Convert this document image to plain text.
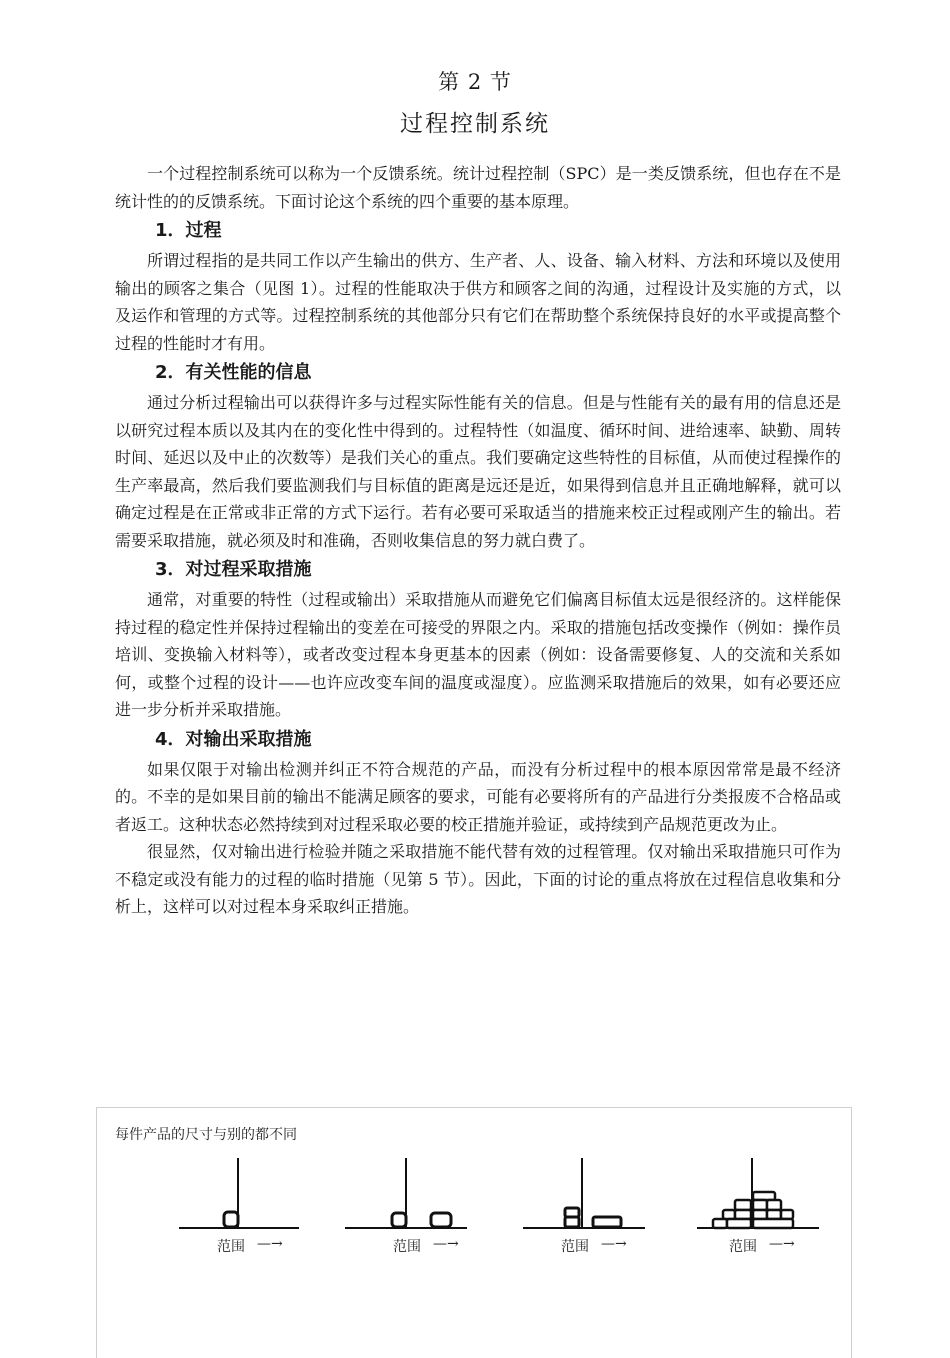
第 2 节
过程控制系统

一个过程控制系统可以称为一个反馈系统。统计过程控制（SPC）是一类反馈系统，但也存在不是统计性的的反馈系统。下面讨论这个系统的四个重要的基本原理。

1．过程

所谓过程指的是共同工作以产生输出的供方、生产者、人、设备、输入材料、方法和环境以及使用输出的顾客之集合（见图 1）。过程的性能取决于供方和顾客之间的沟通，过程设计及实施的方式，以及运作和管理的方式等。过程控制系统的其他部分只有它们在帮助整个系统保持良好的水平或提高整个过程的性能时才有用。

2．有关性能的信息

通过分析过程输出可以获得许多与过程实际性能有关的信息。但是与性能有关的最有用的信息还是以研究过程本质以及其内在的变化性中得到的。过程特性（如温度、循环时间、进给速率、缺勤、周转时间、延迟以及中止的次数等）是我们关心的重点。我们要确定这些特性的目标值，从而使过程操作的生产率最高，然后我们要监测我们与目标值的距离是远还是近，如果得到信息并且正确地解释，就可以确定过程是在正常或非正常的方式下运行。若有必要可采取适当的措施来校正过程或刚产生的输出。若需要采取措施，就必须及时和准确，否则收集信息的努力就白费了。

3．对过程采取措施

通常，对重要的特性（过程或输出）采取措施从而避免它们偏离目标值太远是很经济的。这样能保持过程的稳定性并保持过程输出的变差在可接受的界限之内。采取的措施包括改变操作（例如：操作员培训、变换输入材料等），或者改变过程本身更基本的因素（例如：设备需要修复、人的交流和关系如何，或整个过程的设计——也许应改变车间的温度或湿度）。应监测采取措施后的效果，如有必要还应进一步分析并采取措施。

4．对输出采取措施

如果仅限于对输出检测并纠正不符合规范的产品，而没有分析过程中的根本原因常常是最不经济的。不幸的是如果目前的输出不能满足顾客的要求，可能有必要将所有的产品进行分类报废不合格品或者返工。这种状态必然持续到对过程采取必要的校正措施并验证，或持续到产品规范更改为止。

很显然，仅对输出进行检验并随之采取措施不能代替有效的过程管理。仅对输出采取措施只可作为不稳定或没有能力的过程的临时措施（见第 5 节）。因此，下面的讨论的重点将放在过程信息收集和分析上，这样可以对过程本身采取纠正措施。

每件产品的尺寸与别的都不同
范围 —→	范围 —→	范围 —→	范围 —→
